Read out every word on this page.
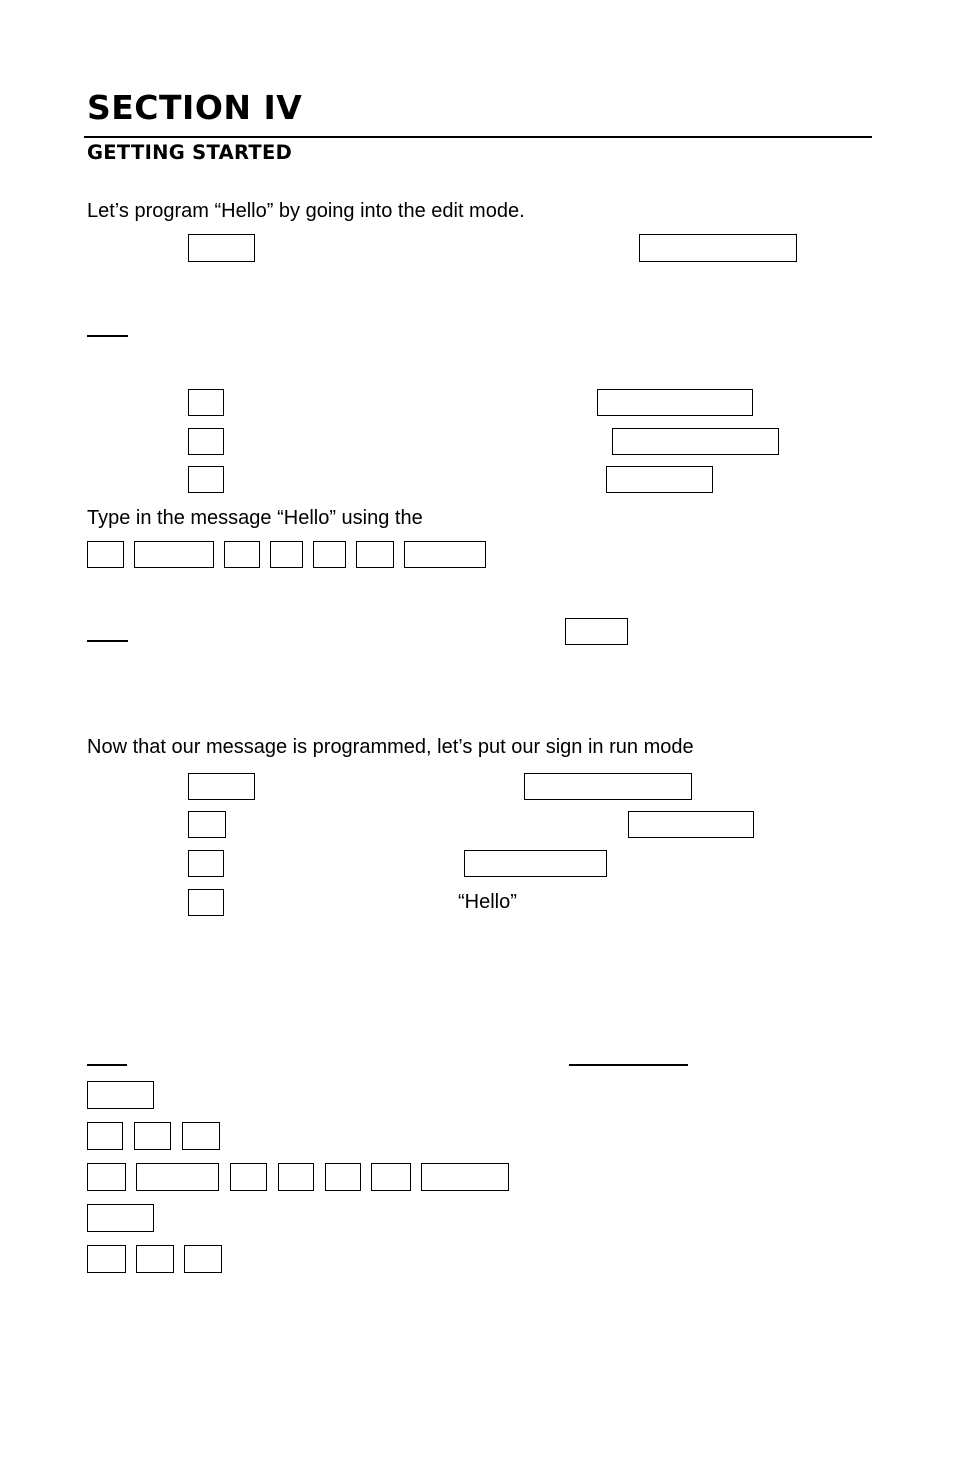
SECTION IV
GETTING STARTED
Let’s program “Hello” by going into the edit mode.
Type in the message “Hello” using the
Now that our message is programmed, let’s put our sign in run mode
“Hello”
